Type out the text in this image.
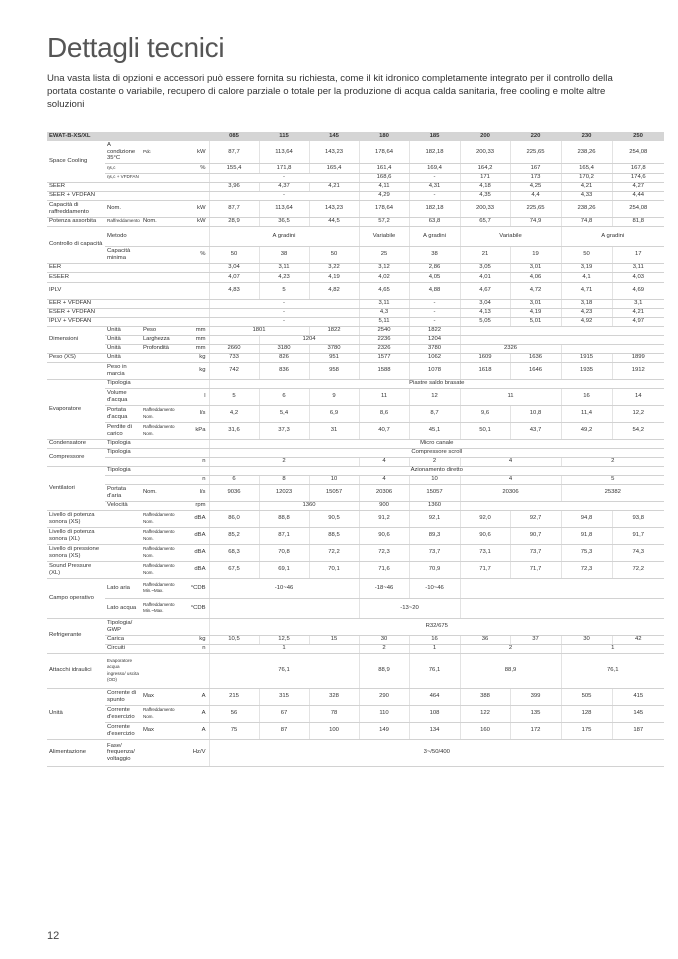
Dettagli tecnici

Una vasta lista di opzioni e accessori può essere fornita su richiesta, come il kit idronico completamente integrato per il controllo della portata costante o variabile, recupero di calore parziale o totale per la produzione di acqua calda sanitaria, free cooling e molte altre soluzioni

EWAT-B-XS/XL				085	115	145	180	185	200	220	230	250
Space Cooling	A condizione 35°C	Pdc	kW	87,7	113,64	143,23	178,64	182,18	200,33	225,65	238,26	254,08
	ηs,c		%	155,4	171,8	165,4	161,4	169,4	164,2	167	165,4	167,8
	ηs,c + VFDFAN			-			168,6	-	171	173	170,2	174,6
SEER				3,96	4,37	4,21	4,11	4,31	4,18	4,25	4,21	4,27
SEER + VFDFAN				-			4,29	-	4,35	4,4	4,33	4,44
Capacità di raffreddamento	Nom.		kW	87,7	113,64	143,23	178,64	182,18	200,33	225,65	238,26	254,08
Potenza assorbita	Raffreddamento	Nom.	kW	28,9	36,5	44,5	57,2	63,8	65,7	74,9	74,8	81,8
Controllo di capacità	Metodo			A gradini			Variabile	A gradini	Variabile		A gradini	
	Capacità minima		%	50	38	50	25	38	21	19	50	17
EER				3,04	3,11	3,22	3,12	2,86	3,05	3,01	3,19	3,11
ESEER				4,07	4,23	4,19	4,02	4,05	4,01	4,06	4,1	4,03
IPLV				4,83	5	4,82	4,65	4,88	4,67	4,72	4,71	4,69
EER + VFDFAN				-			3,11	-	3,04	3,01	3,18	3,1
ESER + VFDFAN				-			4,3	-	4,13	4,19	4,23	4,21
IPLV + VFDFAN				-			5,11	-	5,05	5,01	4,92	4,97
Dimensioni	Unità	Peso	mm	1801		1822	2540	1822				
	Unità	Larghezza	mm		1204		2236	1204				
	Unità	Profondità	mm	2660	3180	3780	2326	3780	2326			
Peso (XS)	Unità		kg	733	826	951	1577	1062	1609	1636	1915	1899
	Peso in marcia		kg	742	836	958	1588	1078	1618	1646	1935	1912
Evaporatore	Tipologia			Piastre saldo brasate								
	Volume d'acqua		l	5	6	9	11	12	11		16	14
	Portata d'acqua	Raffreddamento Nom.	l/s	4,2	5,4	6,9	8,6	8,7	9,6	10,8	11,4	12,2
	Perdite di carico	Raffreddamento Nom.	kPa	31,6	37,3	31	40,7	45,1	50,1	43,7	49,2	54,2
Condensatore	Tipologia			Micro canale								
Compressore	Tipologia			Compressore scroll								
			n	2			4	2	4		2	
Ventilatori	Tipologia			Azionamento diretto								
			n	6	8	10	4	10	4		5	
	Portata d'aria	Nom.	l/s	9036	12023	15057	20306	15057	20306		25382	
	Velocità		rpm		1360		900	1360				
Livello di potenza sonora (XS)		Raffreddamento Nom.	dBA	86,0	88,8	90,5	91,2	92,1	92,0	92,7	94,8	93,8
Livello di potenza sonora (XL)		Raffreddamento Nom.	dBA	85,2	87,1	88,5	90,6	89,3	90,6	90,7	91,8	91,7
Livello di pressione sonora (XS)		Raffreddamento Nom.	dBA	68,3	70,8	72,2	72,3	73,7	73,1	73,7	75,3	74,3
Sound Pressure (XL)		Raffreddamento Nom.	dBA	67,5	69,1	70,1	71,6	70,9	71,7	71,7	72,3	72,2
Campo operativo	Lato aria	Raffreddamento Min.~Max.	°CDB	-10~46			-18~46	-10~46				
	Lato acqua	Raffreddamento Min.~Max.	°CDB				-13~20					
Refrigerante	Tipologia/ GWP			R32/675								
	Carica		kg	10,5	12,5	15	30	16	36	37	30	42
	Circuiti		n	1			2	1	2		1	
Attacchi idraulici	Evaporatore acqua ingresso/ uscita (OD)			76,1			88,9	76,1	88,9		76,1	
Unità	Corrente di spunto	Max	A	215	315	328	290	464	388	399	505	415
	Corrente d'esercizio	Raffreddamento Nom.	A	56	67	78	110	108	122	135	128	145
	Corrente d'esercizio	Max	A	75	87	100	149	134	160	172	175	187
Alimentazione	Fase/ frequenza/ voltaggio		Hz/V	3~/50/400								
12
